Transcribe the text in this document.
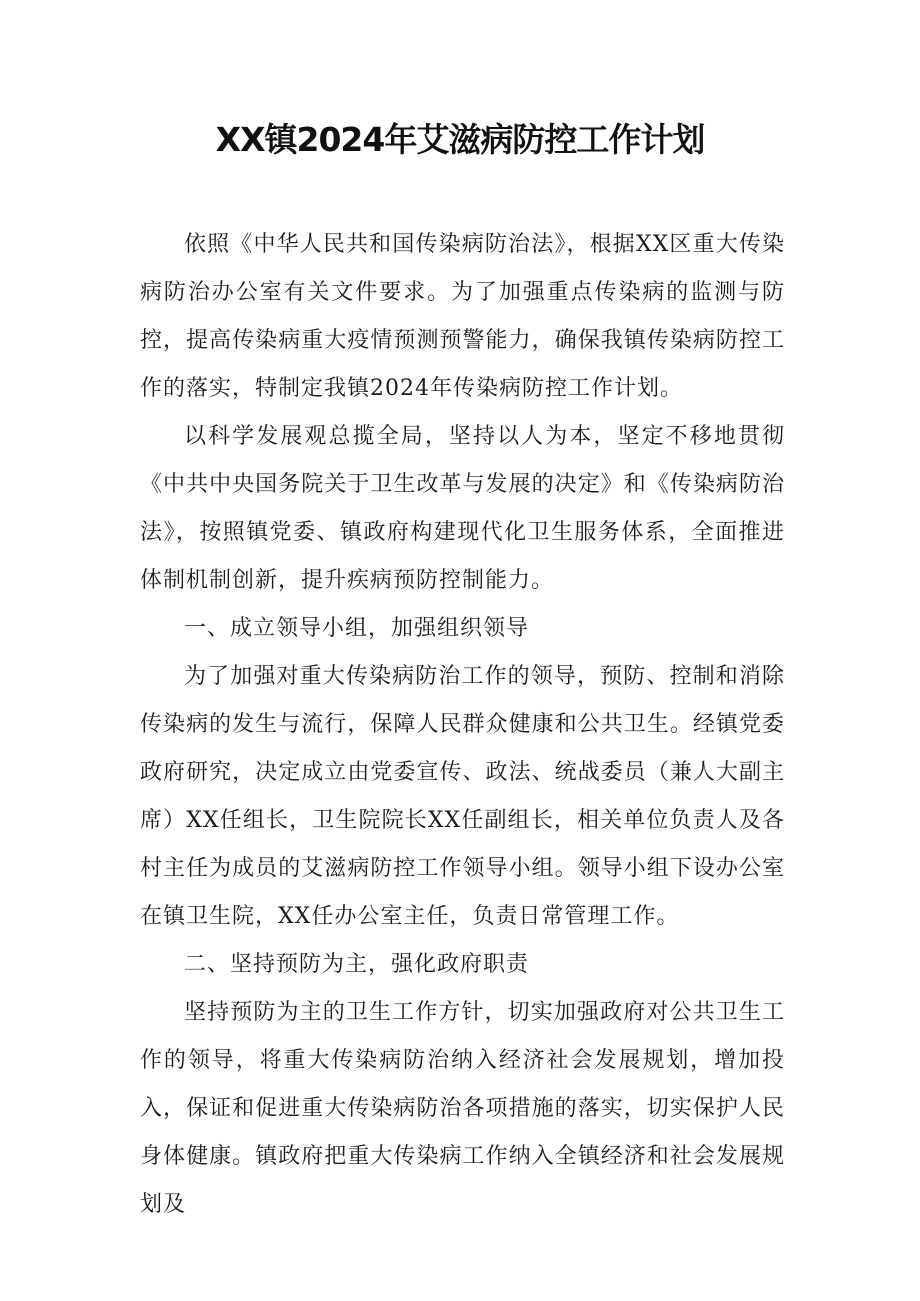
XX镇2024年艾滋病防控工作计划

依照《中华人民共和国传染病防治法》，根据XX区重大传染病防治办公室有关文件要求。为了加强重点传染病的监测与防控，提高传染病重大疫情预测预警能力，确保我镇传染病防控工作的落实，特制定我镇2024年传染病防控工作计划。

以科学发展观总揽全局，坚持以人为本，坚定不移地贯彻《中共中央国务院关于卫生改革与发展的决定》和《传染病防治法》，按照镇党委、镇政府构建现代化卫生服务体系，全面推进体制机制创新，提升疾病预防控制能力。

一、成立领导小组，加强组织领导

为了加强对重大传染病防治工作的领导，预防、控制和消除传染病的发生与流行，保障人民群众健康和公共卫生。经镇党委政府研究，决定成立由党委宣传、政法、统战委员（兼人大副主席）XX任组长，卫生院院长XX任副组长，相关单位负责人及各村主任为成员的艾滋病防控工作领导小组。领导小组下设办公室在镇卫生院，XX任办公室主任，负责日常管理工作。

二、坚持预防为主，强化政府职责

坚持预防为主的卫生工作方针，切实加强政府对公共卫生工作的领导，将重大传染病防治纳入经济社会发展规划，增加投入，保证和促进重大传染病防治各项措施的落实，切实保护人民身体健康。镇政府把重大传染病工作纳入全镇经济和社会发展规划及
